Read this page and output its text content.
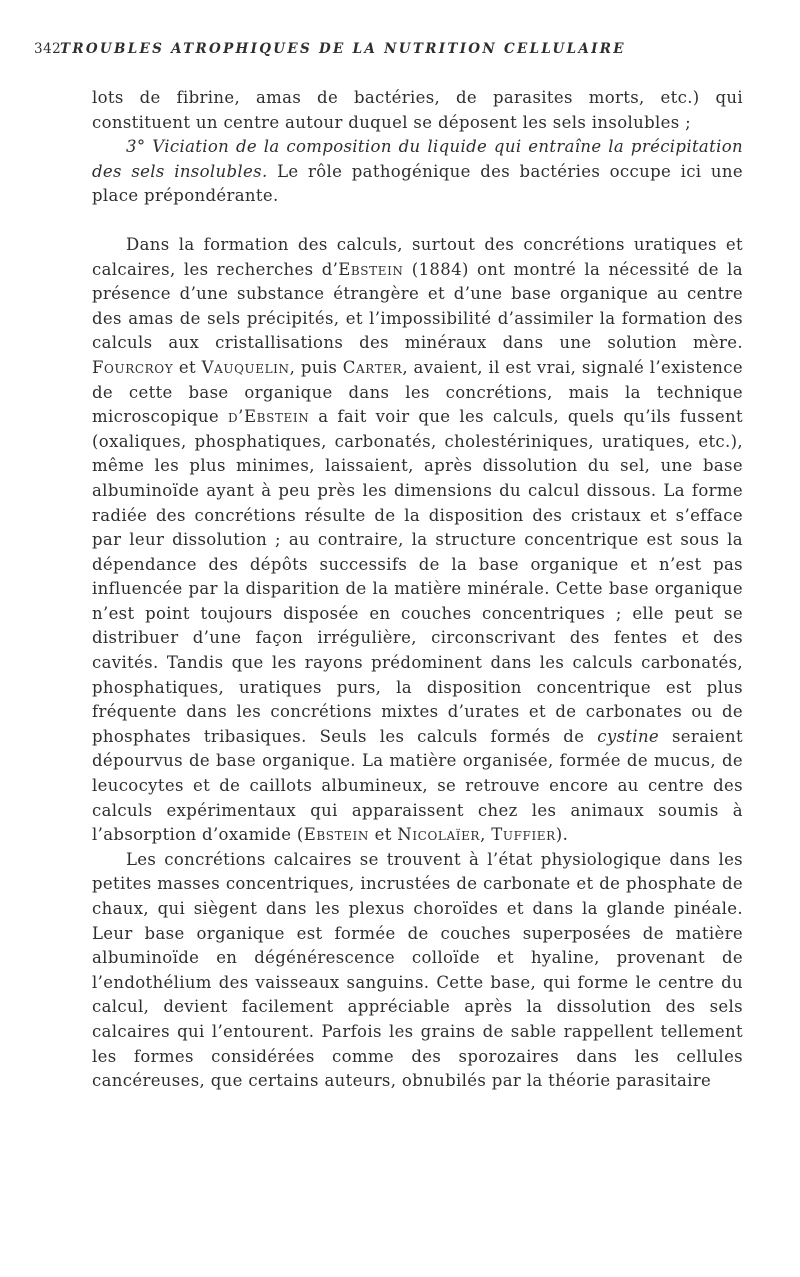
342
TROUBLES ATROPHIQUES DE LA NUTRITION CELLULAIRE

lots de fibrine, amas de bactéries, de parasites morts, etc.) qui constituent un centre autour duquel se déposent les sels insolubles ;

3° Viciation de la composition du liquide qui entraîne la précipitation des sels insolubles. Le rôle pathogénique des bactéries occupe ici une place prépondérante.

Dans la formation des calculs, surtout des concrétions uratiques et calcaires, les recherches d’Ebstein (1884) ont montré la nécessité de la présence d’une substance étrangère et d’une base organique au centre des amas de sels précipités, et l’impossibilité d’assimiler la formation des calculs aux cristallisations des minéraux dans une solution mère. Fourcroy et Vauquelin, puis Carter, avaient, il est vrai, signalé l’existence de cette base organique dans les concrétions, mais la technique microscopique d’Ebstein a fait voir que les calculs, quels qu’ils fussent (oxaliques, phosphatiques, carbonatés, cholestériniques, uratiques, etc.), même les plus minimes, laissaient, après dissolution du sel, une base albuminoïde ayant à peu près les dimensions du calcul dissous. La forme radiée des concrétions résulte de la disposition des cristaux et s’efface par leur dissolution ; au contraire, la structure concentrique est sous la dépendance des dépôts successifs de la base organique et n’est pas influencée par la disparition de la matière minérale. Cette base organique n’est point toujours disposée en couches concentriques ; elle peut se distribuer d’une façon irrégulière, circonscrivant des fentes et des cavités. Tandis que les rayons prédominent dans les calculs carbonatés, phosphatiques, uratiques purs, la disposition concentrique est plus fréquente dans les concrétions mixtes d’urates et de carbonates ou de phosphates tribasiques. Seuls les calculs formés de cystine seraient dépourvus de base organique. La matière organisée, formée de mucus, de leucocytes et de caillots albumineux, se retrouve encore au centre des calculs expérimentaux qui apparaissent chez les animaux soumis à l’absorption d’oxamide (Ebstein et Nicolaïer, Tuffier).

Les concrétions calcaires se trouvent à l’état physiologique dans les petites masses concentriques, incrustées de carbonate et de phosphate de chaux, qui siègent dans les plexus choroïdes et dans la glande pinéale. Leur base organique est formée de couches superposées de matière albuminoïde en dégénérescence colloïde et hyaline, provenant de l’endothélium des vaisseaux sanguins. Cette base, qui forme le centre du calcul, devient facilement appréciable après la dissolution des sels calcaires qui l’entourent. Parfois les grains de sable rappellent tellement les formes considérées comme des sporozaires dans les cellules cancéreuses, que certains auteurs, obnubilés par la théorie parasitaire
